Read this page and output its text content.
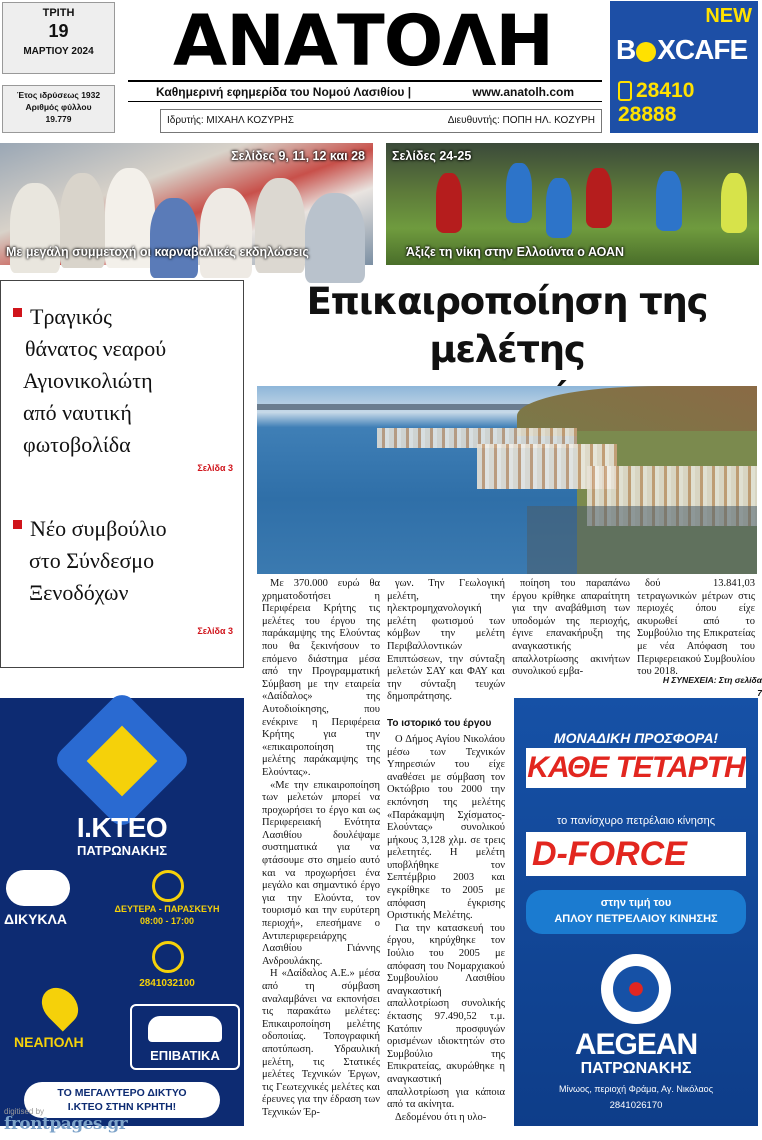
ΤΡΙΤΗ
19
ΜΑΡΤΙΟΥ 2024
Έτος ιδρύσεως 1932
Αριθμός φύλλου
19.779
ΑΝΑΤΟΛΗ
Καθημερινή εφημερίδα του Νομού Λασιθίου |	www.anatolh.com
Ιδρυτής: ΜΙΧΑΗΛ ΚΟΖΥΡΗΣ	Διευθυντής: ΠΟΠΗ ΗΛ. ΚΟΖΥΡΗ
NEW
B XCAFE
28410 28888
Σελίδες 9, 11, 12 και 28
Με μεγάλη συμμετοχή οι καρναβαλικές εκδηλώσεις
Σελίδες 24-25
Άξιζε τη νίκη στην Ελλοúντα ο ΑΟΑΝ
Τραγικός
θάνατος νεαρού
Αγιονικολιώτη
από ναυτική
φωτοβολίδα
Σελίδα 3
Νέο συμβούλιο
στο Σύνδεσμο
Ξενοδόχων
Σελίδα 3
Επικαιροποίηση της μελέτης

Με 370.000 ευρώ θα χρηματοδοτήσει η Περιφέρεια Κρήτης τις μελέτες του έργου της παράκαμψης της Ελούντας που θα ξεκινήσουν το επόμενο διάστημα μέσα από την Προγραμματική Σύμβαση με την εταιρεία «Δαίδαλος» της Αυτοδιοίκησης, που ενέκρινε η Περιφέρεια Κρήτης για την «επικαιροποίηση της μελέτης παράκαμψης της Ελούντας».

«Με την επικαιροποίηση των μελετών μπορεί να προχωρήσει το έργο και ως Περιφερειακή Ενότητα Λασιθίου δουλέψαμε συστηματικά για να φτάσουμε στο σημείο αυτό και να προχωρήσει ένα μεγάλο και σημαντικό έργο για την Ελούντα, τον τουρισμό και την ευρύτερη περιοχή», επεσήμανε ο Αντιπεριφερειάρχης Λασιθίου Γιάννης Ανδρουλάκης.

Η «Δαίδαλος Α.Ε.» μέσα από τη σύμβαση αναλαμβάνει να εκπονήσει τις παρακάτω μελέτες: Επικαιροποίηση μελέτης οδοποιίας. Τοπογραφική αποτύπωση. Υδραυλική μελέτη, τις Στατικές μελέτες Τεχνικών Έργων, τις Γεωτεχνικές μελέτες και έρευνες για την έδραση των Τεχνικών Έρ-

γων. Την Γεωλογική μελέτη, την ηλεκτρομηχανολογική μελέτη φωτισμού των κόμβων την μελέτη Περιβαλλοντικών Επιπτώσεων, την σύνταξη μελετών ΣΑΥ και ΦΑΥ και την σύνταξη τευχών δημοπράτησης.

Το ιστορικό του έργου

Ο Δήμος Αγίου Νικολάου μέσω των Τεχνικών Υπηρεσιών του είχε αναθέσει με σύμβαση τον Οκτώβριο του 2000 την εκπόνηση της μελέτης «Παράκαμψη Σχίσματος-Ελούντας» συνολικού μήκους 3,128 χλμ. σε τρεις μελετητές. Η μελέτη υποβλήθηκε τον Σεπτέμβριο 2003 και εγκρίθηκε το 2005 με απόφαση έγκρισης Οριστικής Μελέτης.

Για την κατασκευή του έργου, κηρύχθηκε τον Ιούλιο του 2005 με απόφαση του Νομαρχιακού Συμβουλίου Λασιθίου αναγκαστική απαλλοτρίωση συνολικής έκτασης 97.490,52 τ.μ. Κατόπιν προσφυγών ορισμένων ιδιοκτητών στο Συμβούλιο της Επικρατείας, ακυρώθηκε η αναγκαστική απαλλοτρίωση για κάποια από τα ακίνητα.

Δεδομένου ότι η υλο-

ποίηση του παραπάνω έργου κρίθηκε απαραίτητη για την αναβάθμιση των υποδομών της περιοχής, έγινε επανακήρυξη της αναγκαστικής απαλλοτρίωσης ακινήτων συνολικού εμβα-

δού 13.841,03 τετραγωνικών μέτρων στις περιοχές όπου είχε ακυρωθεί από το Συμβούλιο της Επικρατείας με νέα Απόφαση του Περιφερειακού Συμβουλίου του 2018.

Η ΣΥΝΕΧΕΙΑ: Στη σελίδα 7
Ι.ΚΤΕΟ
ΠΑΤΡΩΝΑΚΗΣ
ΔΙΚΥΚΛΑ
ΔΕΥΤΕΡΑ - ΠΑΡΑΣΚΕΥΗ
08:00 - 17:00
2841032100
ΝΕΑΠΟΛΗ
ΕΠΙΒΑΤΙΚΑ
ΤΟ ΜΕΓΑΛΥΤΕΡΟ ΔΙΚΤΥΟ
Ι.ΚΤΕΟ ΣΤΗΝ ΚΡΗΤΗ!
ΜΟΝΑΔΙΚΗ ΠΡΟΣΦΟΡΑ!
ΚΑΘΕ ΤΕΤΑΡΤΗ
το πανίσχυρο πετρέλαιο κίνησης
D-FORCE
στην τιμή του
ΑΠΛΟΥ ΠΕΤΡΕΛΑΙΟΥ ΚΙΝΗΣΗΣ
AEGEAN
ΠΑΤΡΩΝΑΚΗΣ
Μίνωος, περιοχή Φράμα, Αγ. Νικόλαος
2841026170
digitised by
frontpages.gr
